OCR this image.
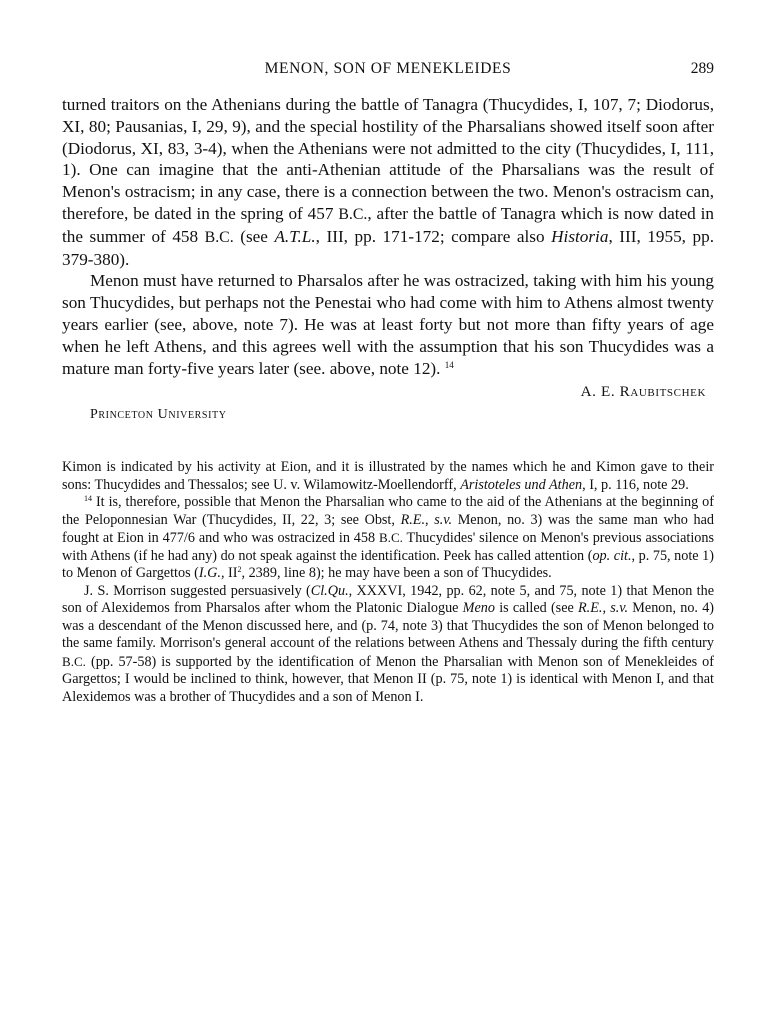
MENON, SON OF MENEKLEIDES	289

turned traitors on the Athenians during the battle of Tanagra (Thucydides, I, 107, 7; Diodorus, XI, 80; Pausanias, I, 29, 9), and the special hostility of the Pharsalians showed itself soon after (Diodorus, XI, 83, 3-4), when the Athenians were not admitted to the city (Thucydides, I, 111, 1). One can imagine that the anti-Athenian attitude of the Pharsalians was the result of Menon's ostracism; in any case, there is a connection between the two. Menon's ostracism can, therefore, be dated in the spring of 457 B.C., after the battle of Tanagra which is now dated in the summer of 458 B.C. (see A.T.L., III, pp. 171-172; compare also Historia, III, 1955, pp. 379-380).

Menon must have returned to Pharsalos after he was ostracized, taking with him his young son Thucydides, but perhaps not the Penestai who had come with him to Athens almost twenty years earlier (see, above, note 7). He was at least forty but not more than fifty years of age when he left Athens, and this agrees well with the assumption that his son Thucydides was a mature man forty-five years later (see. above, note 12). $^{14}$

A. E. Raubitschek
Princeton University

Kimon is indicated by his activity at Eion, and it is illustrated by the names which he and Kimon gave to their sons: Thucydides and Thessalos; see U. v. Wilamowitz-Moellendorff, Aristoteles und Athen, I, p. 116, note 29.

$^{14}$ It is, therefore, possible that Menon the Pharsalian who came to the aid of the Athenians at the beginning of the Peloponnesian War (Thucydides, II, 22, 3; see Obst, R.E., s.v. Menon, no. 3) was the same man who had fought at Eion in 477/6 and who was ostracized in 458 B.C. Thucydides' silence on Menon's previous associations with Athens (if he had any) do not speak against the identification. Peek has called attention (op. cit., p. 75, note 1) to Menon of Gargettos (I.G., $II^2$, 2389, line 8); he may have been a son of Thucydides.

J. S. Morrison suggested persuasively (Cl.Qu., XXXVI, 1942, pp. 62, note 5, and 75, note 1) that Menon the son of Alexidemos from Pharsalos after whom the Platonic Dialogue Meno is called (see R.E., s.v. Menon, no. 4) was a descendant of the Menon discussed here, and (p. 74, note 3) that Thucydides the son of Menon belonged to the same family. Morrison's general account of the relations between Athens and Thessaly during the fifth century B.C. (pp. 57-58) is supported by the identification of Menon the Pharsalian with Menon son of Menekleides of Gargettos; I would be inclined to think, however, that Menon II (p. 75, note 1) is identical with Menon I, and that Alexidemos was a brother of Thucydides and a son of Menon I.
